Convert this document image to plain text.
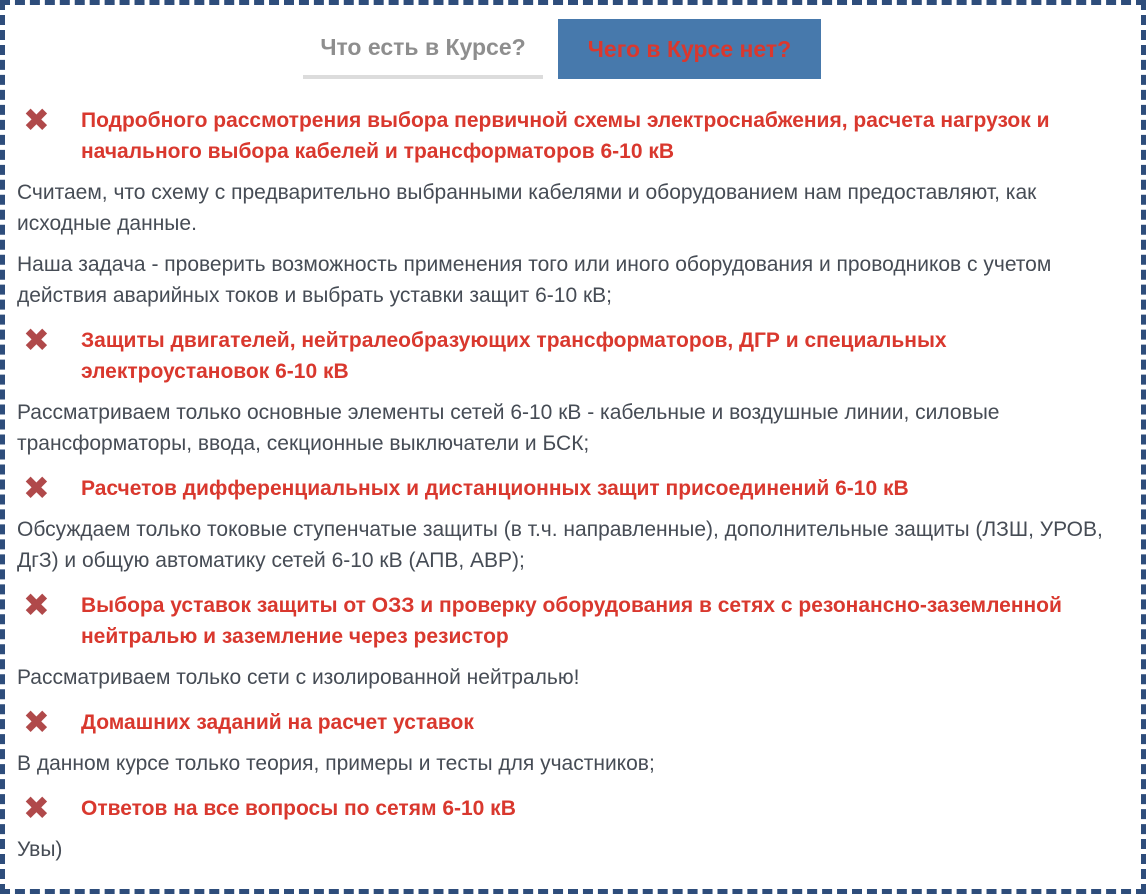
Что есть в Курсе?	Чего в Курсе нет?
✖	Подробного рассмотрения выбора первичной схемы электроснабжения, расчета нагрузок и начального выбора кабелей и трансформаторов 6-10 кВ

Считаем, что схему с предварительно выбранными кабелями и оборудованием нам предоставляют, как исходные данные.

Наша задача - проверить возможность применения того или иного оборудования и проводников с учетом действия аварийных токов и выбрать уставки защит 6-10 кВ;

✖	Защиты двигателей, нейтралеобразующих трансформаторов, ДГР и специальных электроустановок 6-10 кВ

Рассматриваем только основные элементы сетей 6-10 кВ - кабельные и воздушные линии, силовые трансформаторы, ввода, секционные выключатели и БСК;

✖	Расчетов дифференциальных и дистанционных защит присоединений 6-10 кВ

Обсуждаем только токовые ступенчатые защиты (в т.ч. направленные), дополнительные защиты (ЛЗШ, УРОВ, ДгЗ) и общую автоматику сетей 6-10 кВ (АПВ, АВР);

✖	Выбора уставок защиты от ОЗЗ и проверку оборудования в сетях с резонансно-заземленной нейтралью и заземление через резистор

Рассматриваем только сети с изолированной нейтралью!

✖	Домашних заданий на расчет уставок

В данном курсе только теория, примеры и тесты для участников;

✖	Ответов на все вопросы по сетям 6-10 кВ

Увы)
